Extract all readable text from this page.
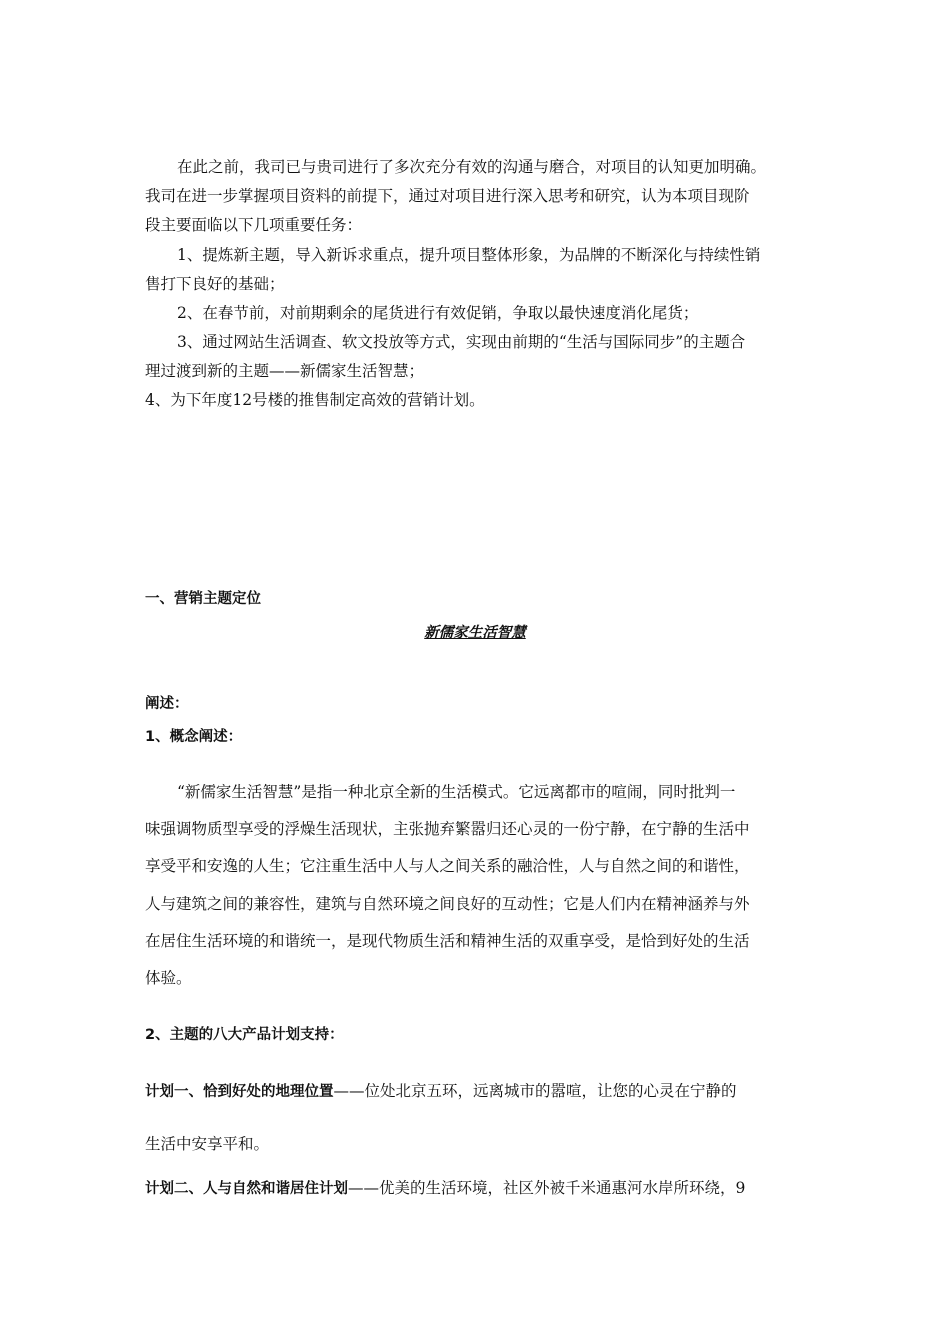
在此之前，我司已与贵司进行了多次充分有效的沟通与磨合，对项目的认知更加明确。
我司在进一步掌握项目资料的前提下，通过对项目进行深入思考和研究，认为本项目现阶
段主要面临以下几项重要任务：
1、提炼新主题，导入新诉求重点，提升项目整体形象，为品牌的不断深化与持续性销
售打下良好的基础；
2、在春节前，对前期剩余的尾货进行有效促销，争取以最快速度消化尾货；
3、通过网站生活调查、软文投放等方式，实现由前期的“生活与国际同步”的主题合
理过渡到新的主题——新儒家生活智慧；
4、为下年度12号楼的推售制定高效的营销计划。
一、营销主题定位
新儒家生活智慧
阐述：
1、概念阐述：
“新儒家生活智慧”是指一种北京全新的生活模式。它远离都市的喧闹，同时批判一
味强调物质型享受的浮燥生活现状，主张抛弃繁嚣归还心灵的一份宁静，在宁静的生活中
享受平和安逸的人生；它注重生活中人与人之间关系的融洽性，人与自然之间的和谐性，
人与建筑之间的兼容性，建筑与自然环境之间良好的互动性；它是人们内在精神涵养与外
在居住生活环境的和谐统一，是现代物质生活和精神生活的双重享受，是恰到好处的生活
体验。
2、主题的八大产品计划支持：
计划一、恰到好处的地理位置——位处北京五环，远离城市的嚣喧，让您的心灵在宁静的
生活中安享平和。
计划二、人与自然和谐居住计划——优美的生活环境，社区外被千米通惠河水岸所环绕，9
